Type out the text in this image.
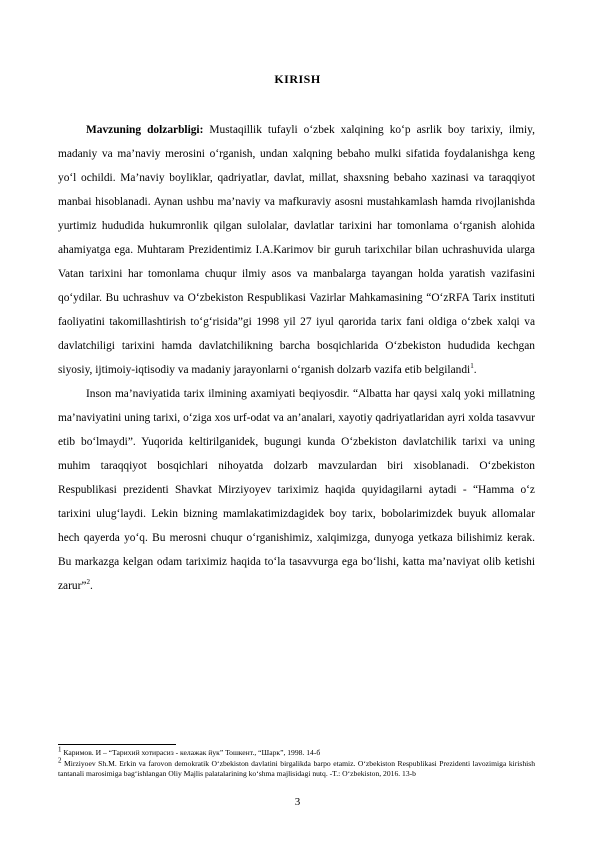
KIRISH

Mavzuning dolzarbligi: Mustaqillik tufayli o‘zbek xalqining ko‘p asrlik boy tarixiy, ilmiy, madaniy va ma’naviy merosini o‘rganish, undan xalqning bebaho mulki sifatida foydalanishga keng yo‘l ochildi. Ma’naviy boyliklar, qadriyatlar, davlat, millat, shaxsning bebaho xazinasi va taraqqiyot manbai hisoblanadi. Aynan ushbu ma’naviy va mafkuraviy asosni mustahkamlash hamda rivojlanishda yurtimiz hududida hukumronlik qilgan sulolalar, davlatlar tarixini har tomonlama o‘rganish alohida ahamiyatga ega. Muhtaram Prezidentimiz I.A.Karimov bir guruh tarixchilar bilan uchrashuvida ularga Vatan tarixini har tomonlama chuqur ilmiy asos va manbalarga tayangan holda yaratish vazifasini qo‘ydilar. Bu uchrashuv va O‘zbekiston Respublikasi Vazirlar Mahkamasining “O‘zRFA Tarix instituti faoliyatini takomillashtirish to‘g‘risida”gi 1998 yil 27 iyul qarorida tarix fani oldiga o‘zbek xalqi va davlatchiligi tarixini hamda davlatchilikning barcha bosqichlarida O‘zbekiston hududida kechgan siyosiy, ijtimoiy-iqtisodiy va madaniy jarayonlarni o‘rganish dolzarb vazifa etib belgilandi$^1$.

Inson ma’naviyatida tarix ilmining axamiyati beqiyosdir. “Albatta har qaysi xalq yoki millatning ma’naviyatini uning tarixi, o‘ziga xos urf-odat va an’analari, xayotiy qadriyatlaridan ayri xolda tasavvur etib bo‘lmaydi”. Yuqorida keltirilganidek, bugungi kunda O‘zbekiston davlatchilik tarixi va uning muhim taraqqiyot bosqichlari nihoyatda dolzarb mavzulardan biri xisoblanadi. O‘zbekiston Respublikasi prezidenti Shavkat Mirziyoyev tariximiz haqida quyidagilarni aytadi - “Hamma o‘z tarixini ulug‘laydi. Lekin bizning mamlakatimizdagidek boy tarix, bobolarimizdek buyuk allomalar hech qayerda yo‘q. Bu merosni chuqur o‘rganishimiz, xalqimizga, dunyoga yetkaza bilishimiz kerak. Bu markazga kelgan odam tariximiz haqida to‘la tasavvurga ega bo‘lishi, katta ma’naviyat olib ketishi zarur”$^2$.

$^1$ Каримов. И – “Тарихий хотирасиз - келажак йук” Тошкент., “Шарк”, 1998. 14-б

$^2$ Mirziyoev Sh.M. Erkin va farovon demokratik O‘zbekiston davlatini birgalikda barpo etamiz. O‘zbekiston Respublikasi Prezidenti lavozimiga kirishish tantanali marosimiga bag‘ishlangan Oliy Majlis palatalarining ko‘shma majlisidagi nutq. -T.: O‘zbekiston, 2016. 13-b

3
